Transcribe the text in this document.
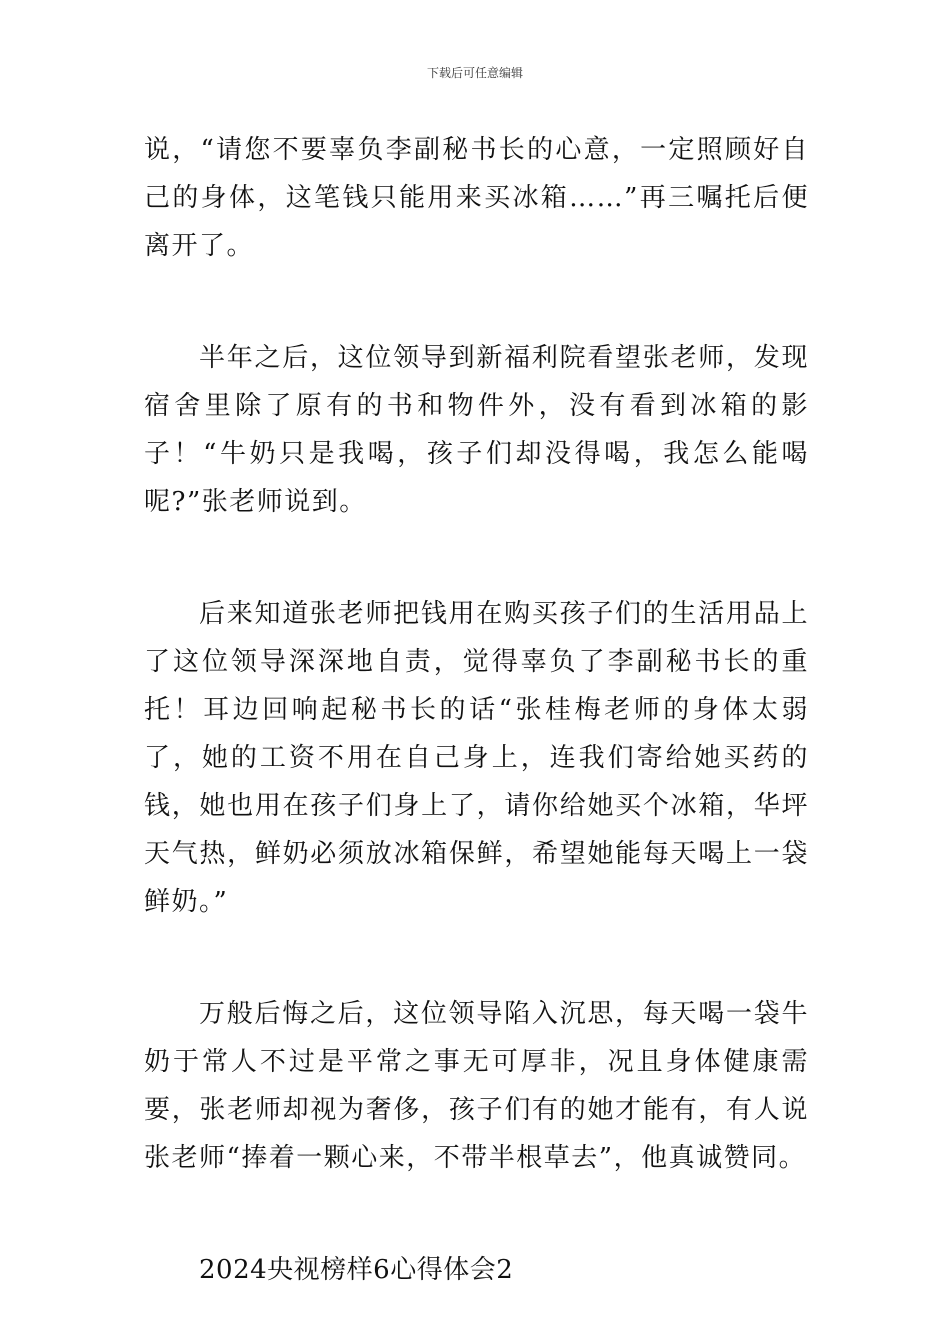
下载后可任意编辑

说，“请您不要辜负李副秘书长的心意，一定照顾好自己的身体，这笔钱只能用来买冰箱……”再三嘱托后便离开了。

半年之后，这位领导到新福利院看望张老师，发现宿舍里除了原有的书和物件外，没有看到冰箱的影子！“牛奶只是我喝，孩子们却没得喝，我怎么能喝呢?”张老师说到。

后来知道张老师把钱用在购买孩子们的生活用品上了这位领导深深地自责，觉得辜负了李副秘书长的重托！耳边回响起秘书长的话“张桂梅老师的身体太弱了，她的工资不用在自己身上，连我们寄给她买药的钱，她也用在孩子们身上了，请你给她买个冰箱，华坪天气热，鲜奶必须放冰箱保鲜，希望她能每天喝上一袋鲜奶。”

万般后悔之后，这位领导陷入沉思，每天喝一袋牛奶于常人不过是平常之事无可厚非，况且身体健康需要，张老师却视为奢侈，孩子们有的她才能有，有人说张老师“捧着一颗心来，不带半根草去”，他真诚赞同。

2024央视榜样6心得体会2
